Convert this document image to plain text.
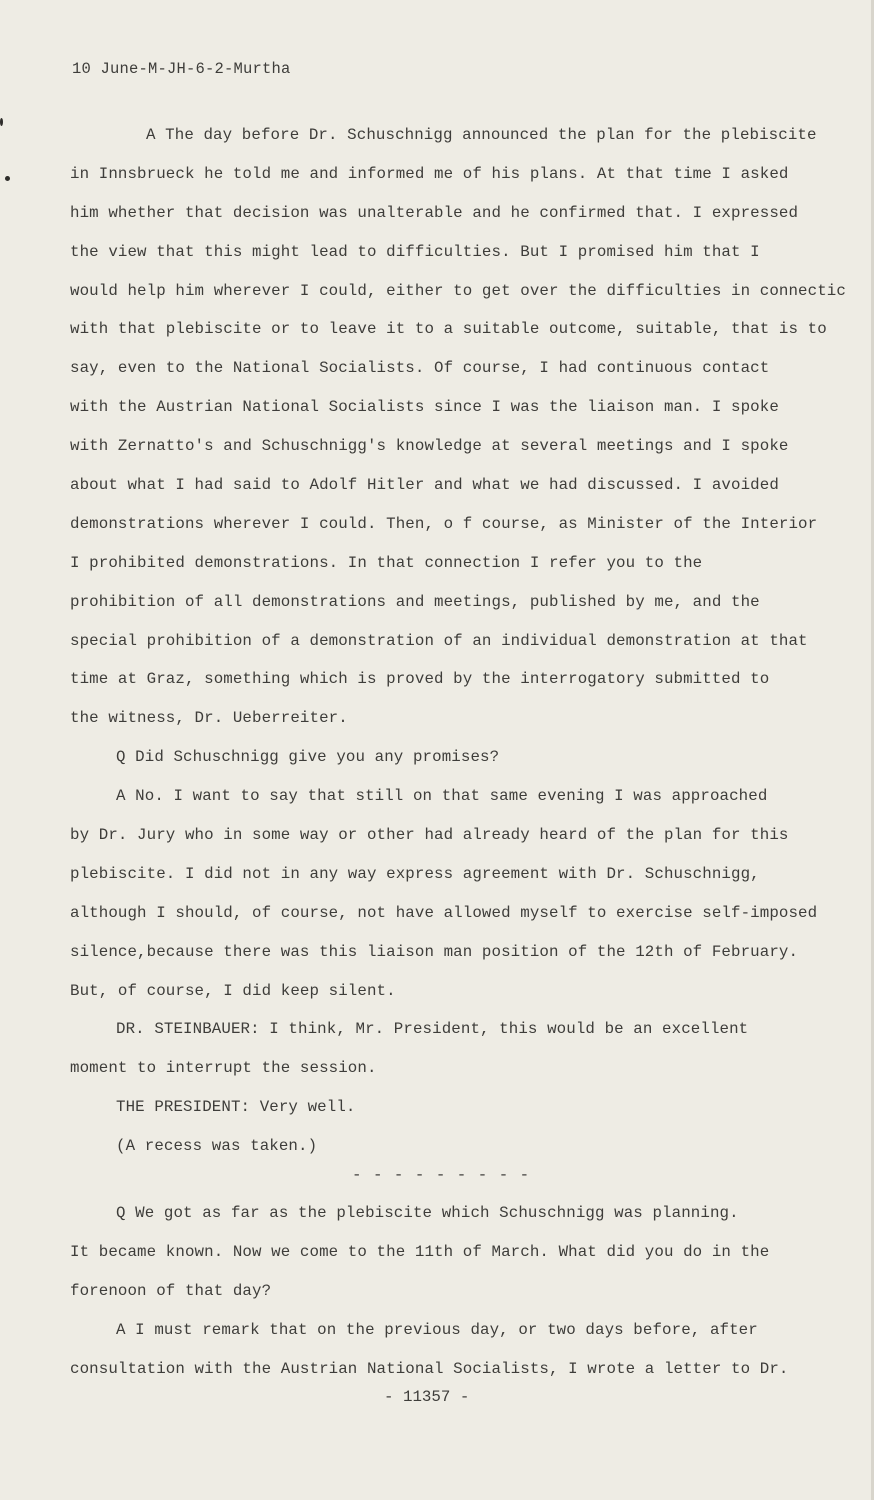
10 June-M-JH-6-2-Murtha
A The day before Dr. Schuschnigg announced the plan for the plebiscite
in Innsbrueck he told me and informed me of his plans. At that time I asked
him whether that decision was unalterable and he confirmed that. I expressed
the view that this might lead to difficulties. But I promised him that I
would help him wherever I could, either to get over the difficulties in connectic
with that plebiscite or to leave it to a suitable outcome, suitable, that is to
say, even to the National Socialists. Of course, I had continuous contact
with the Austrian National Socialists since I was the liaison man. I spoke
with Zernatto's and Schuschnigg's knowledge at several meetings and I spoke
about what I had said to Adolf Hitler and what we had discussed. I avoided
demonstrations wherever I could. Then, o f course, as Minister of the Interior
I prohibited demonstrations. In that connection I refer you to the
prohibition of all demonstrations and meetings, published by me, and the
special prohibition of a demonstration of an individual demonstration at that
time at Graz, something which is proved by the interrogatory submitted to
the witness, Dr. Ueberreiter.
Q Did Schuschnigg give you any promises?
A No. I want to say that still on that same evening I was approached
by Dr. Jury who in some way or other had already heard of the plan for this
plebiscite. I did not in any way express agreement with Dr. Schuschnigg,
although I should, of course, not have allowed myself to exercise self-imposed
silence,because there was this liaison man position of the 12th of February.
But, of course, I did keep silent.
DR. STEINBAUER: I think, Mr. President, this would be an excellent
moment to interrupt the session.
THE PRESIDENT: Very well.
(A recess was taken.)
- - - - - - - - -
Q We got as far as the plebiscite which Schuschnigg was planning.
It became known. Now we come to the 11th of March. What did you do in the
forenoon of that day?
A I must remark that on the previous day, or two days before, after
consultation with the Austrian National Socialists, I wrote a letter to Dr.
- 11357 -
